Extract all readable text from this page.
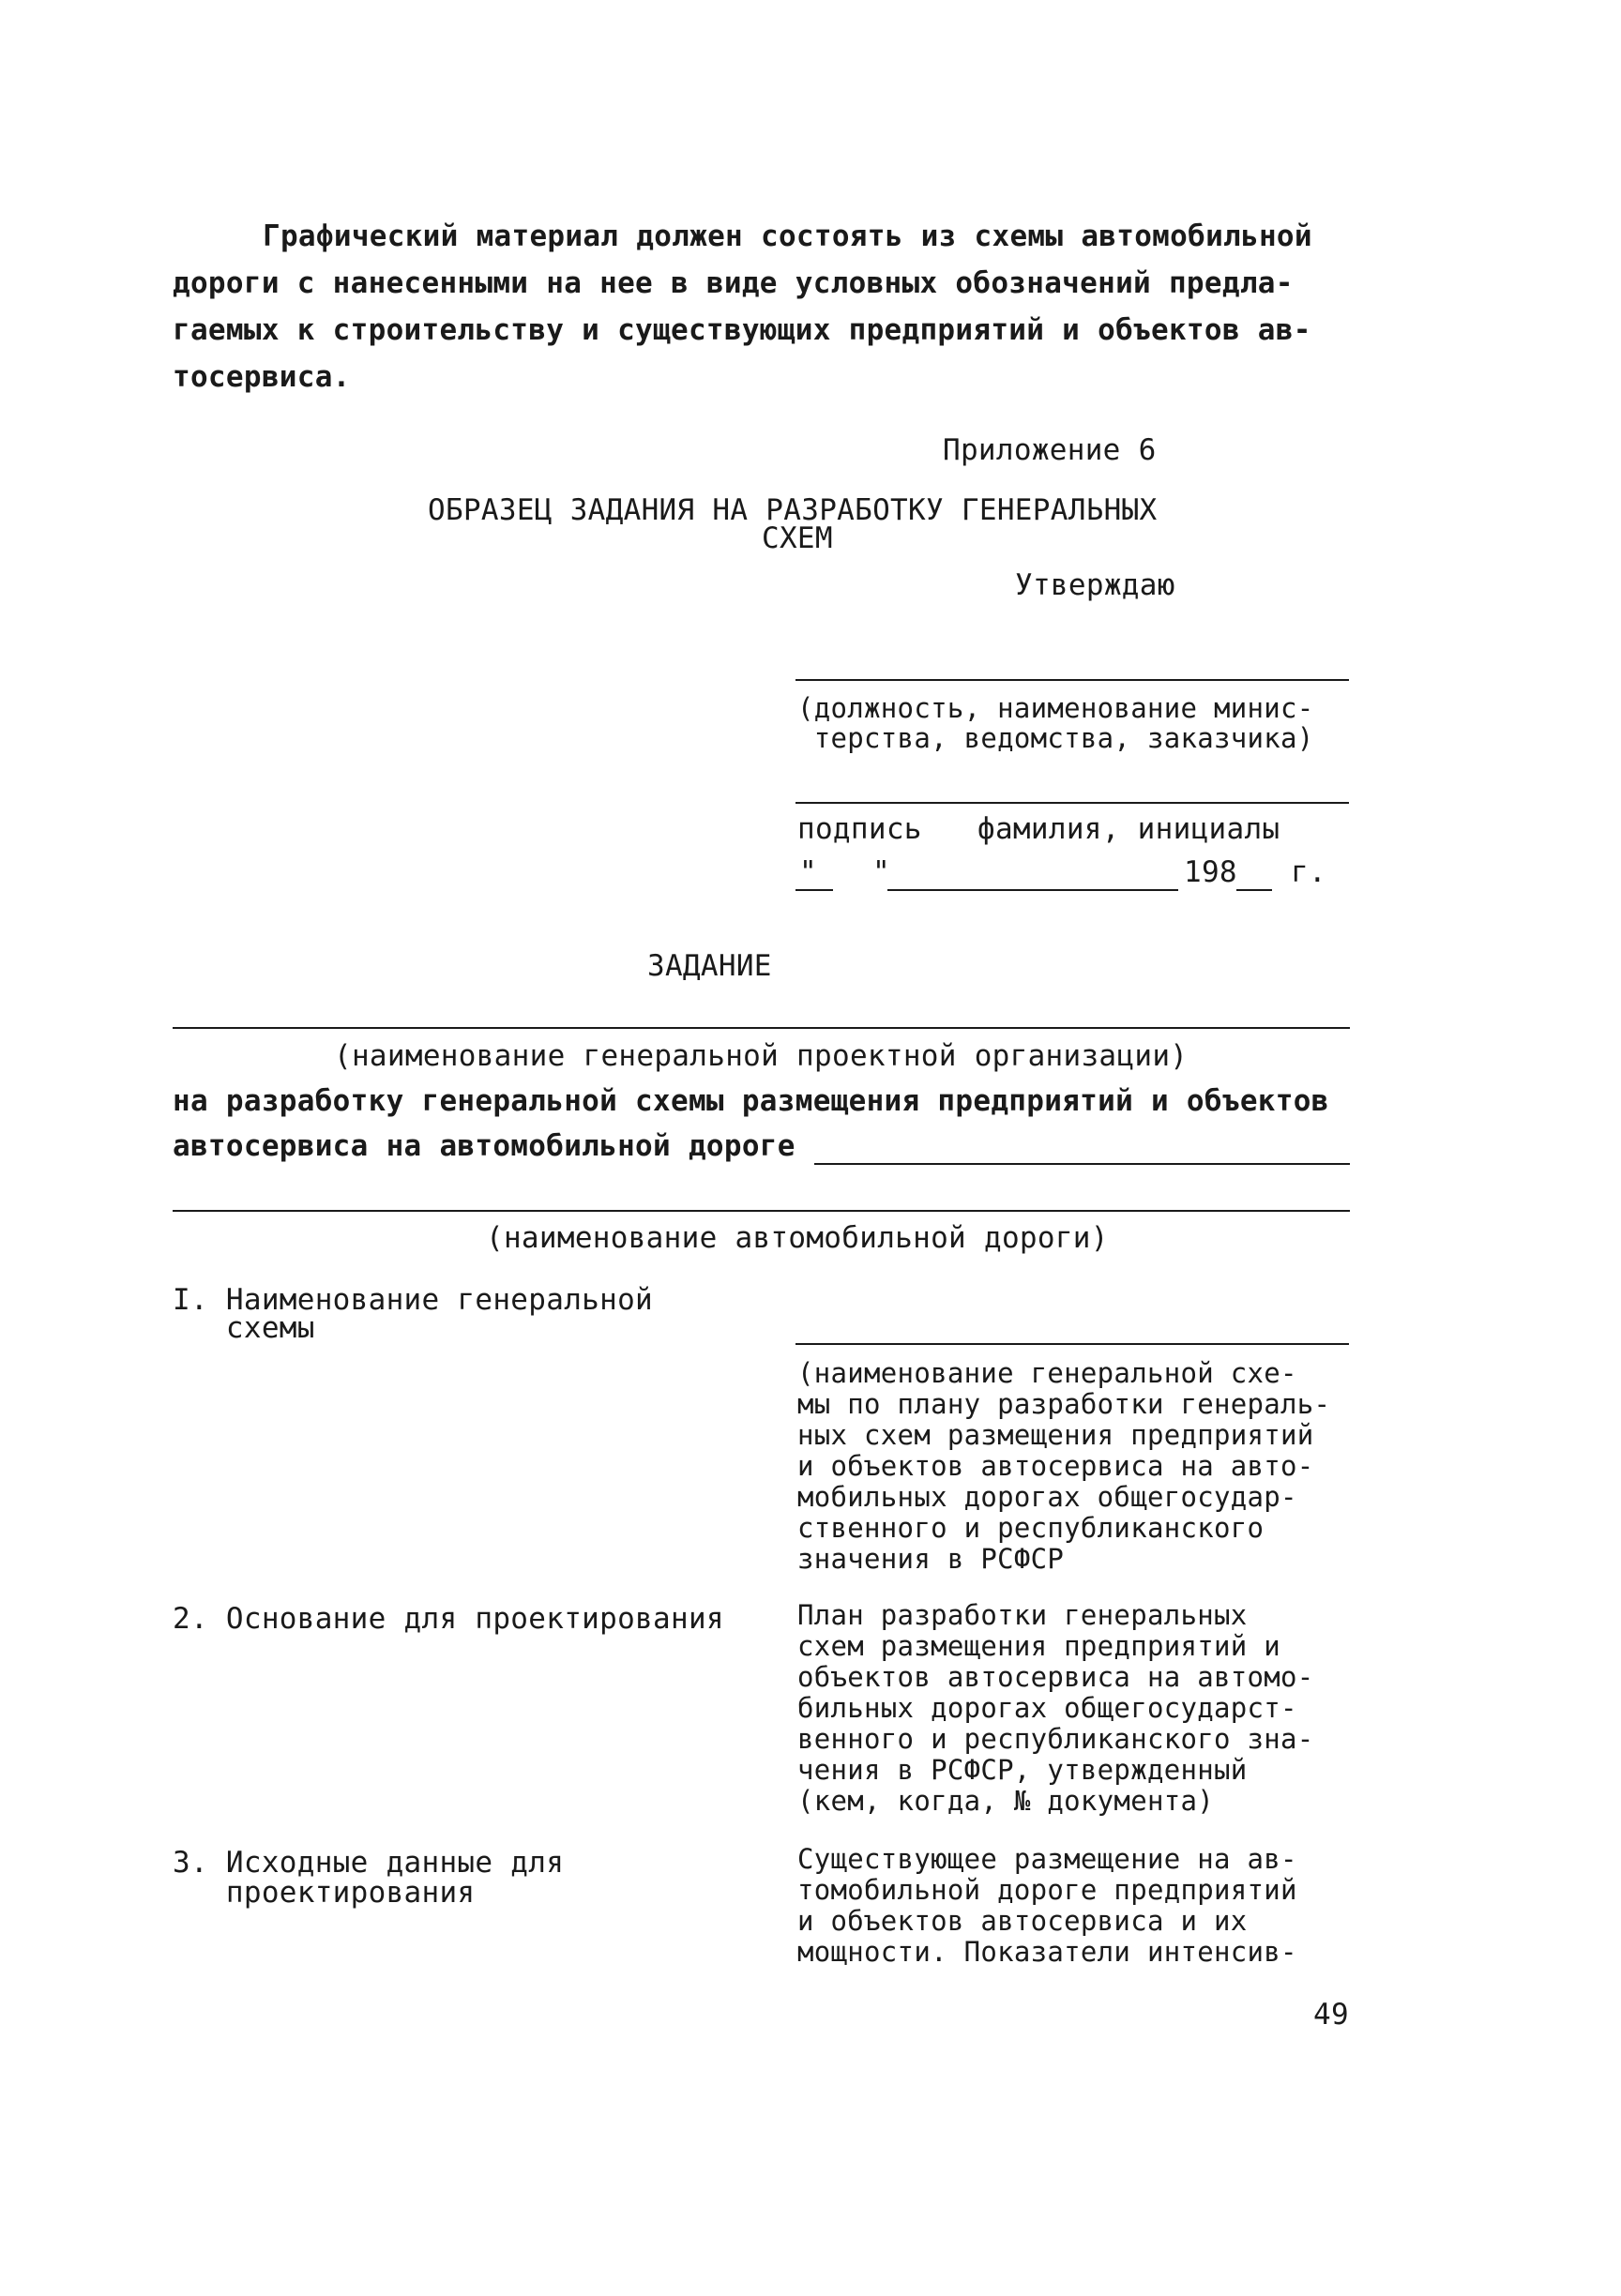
Графический материал должен состоять из схемы автомобильной
дороги с нанесенными на нее в виде условных обозначений предла-
гаемых к строительству и существующих предприятий и объектов ав-
тосервиса.
Приложение 6
ОБРАЗЕЦ ЗАДАНИЯ НА РАЗРАБОТКУ ГЕНЕРАЛЬНЫХ
СХЕМ
Утверждаю
(должность, наименование минис-
терства, ведомства, заказчика)
подпись фамилия, инициалы
" "	198 г.
ЗАДАНИЕ
(наименование генеральной проектной организации)
на разработку генеральной схемы размещения предприятий и объектов
автосервиса на автомобильной дороге
(наименование автомобильной дороги)
I. Наименование генеральной
схемы
(наименование генеральной схе-
мы по плану разработки генераль-
ных схем размещения предприятий
и объектов автосервиса на авто-
мобильных дорогах общегосудар-
ственного и республиканского
значения в РСФСР
2. Основание для проектирования	План разработки генеральных
схем размещения предприятий и
объектов автосервиса на автомо-
бильных дорогах общегосударст-
венного и республиканского зна-
чения в РСФСР, утвержденный
(кем, когда, № документа)
3. Исходные данные для
проектирования
Существующее размещение на ав-
томобильной дороге предприятий
и объектов автосервиса и их
мощности. Показатели интенсив-
49
